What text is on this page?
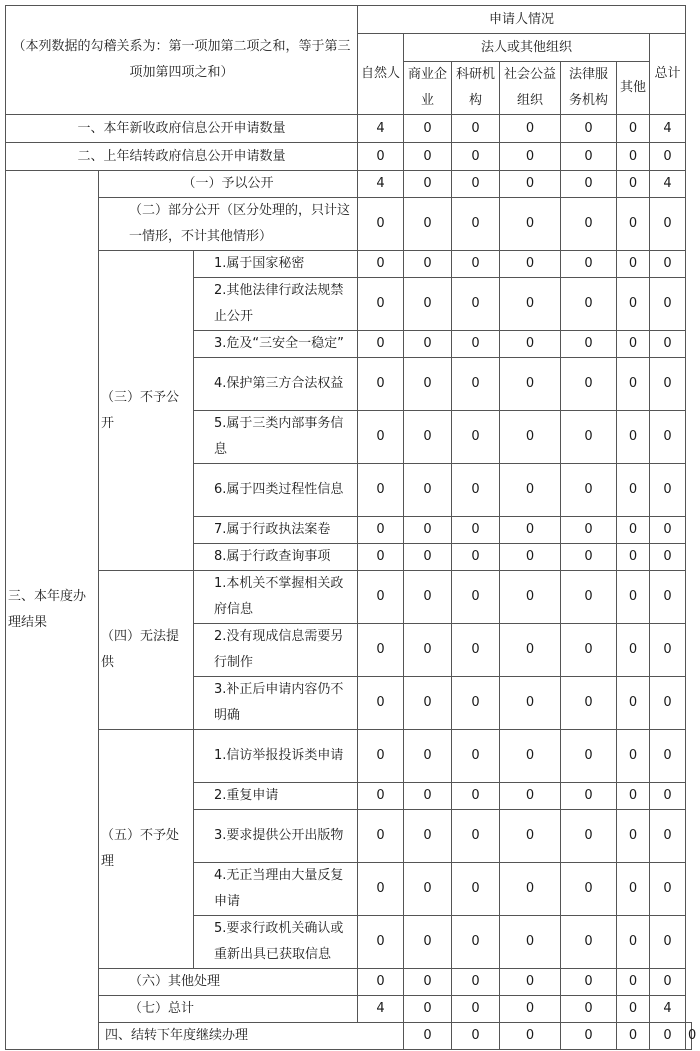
（本列数据的勾稽关系为：第一项加第二项之和，等于第三项加第四项之和）			申请人情况							
			自然人	法人或其他组织					总计	
				商业企业	科研机构	社会公益组织	法律服务机构	其他		
一、本年新收政府信息公开申请数量			4	0	0	0	0	0	4	
二、上年结转政府信息公开申请数量			0	0	0	0	0	0	0	
三、本年度办理结果	（一）予以公开		4	0	0	0	0	0	4	
	（二）部分公开（区分处理的，只计这一情形，不计其他情形）		0	0	0	0	0	0	0	
	（三）不予公开	1.属于国家秘密	0	0	0	0	0	0	0	
		2.其他法律行政法规禁止公开	0	0	0	0	0	0	0	
		3.危及“三安全一稳定”	0	0	0	0	0	0	0	
		4.保护第三方合法权益	0	0	0	0	0	0	0	
		5.属于三类内部事务信息	0	0	0	0	0	0	0	
		6.属于四类过程性信息	0	0	0	0	0	0	0	
		7.属于行政执法案卷	0	0	0	0	0	0	0	
		8.属于行政查询事项	0	0	0	0	0	0	0	
	（四）无法提供	1.本机关不掌握相关政府信息	0	0	0	0	0	0	0	
		2.没有现成信息需要另行制作	0	0	0	0	0	0	0	
		3.补正后申请内容仍不明确	0	0	0	0	0	0	0	
	（五）不予处理	1.信访举报投诉类申请	0	0	0	0	0	0	0	
		2.重复申请	0	0	0	0	0	0	0	
		3.要求提供公开出版物	0	0	0	0	0	0	0	
		4.无正当理由大量反复申请	0	0	0	0	0	0	0	
		5.要求行政机关确认或重新出具已获取信息	0	0	0	0	0	0	0	
	（六）其他处理		0	0	0	0	0	0	0	
	（七）总计		4	0	0	0	0	0	4	
	四、结转下年度继续办理			0	0	0	0	0	0	0
